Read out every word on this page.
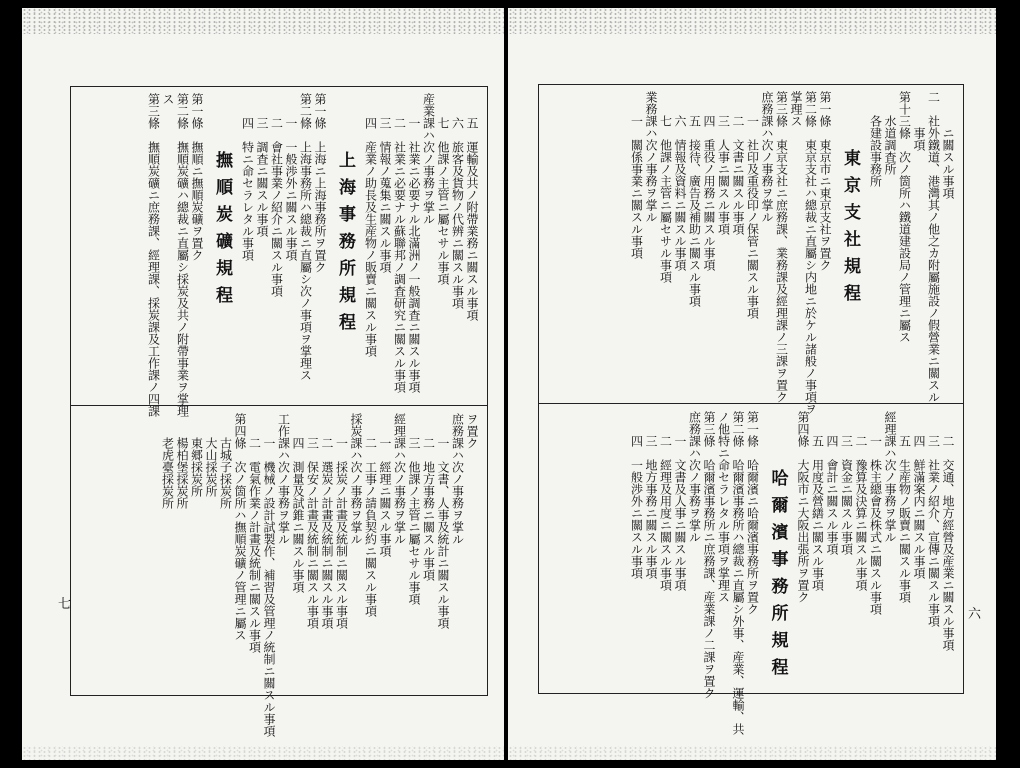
五　運輸及共ノ附帶業務ニ關スル事項
六　旅客及貨物ノ代辨ニ關スル事項
七　他課ノ主管ニ屬セサル事項
産業課ハ次ノ事務ヲ掌ル
一　社業ニ必要ナル北滿洲ノ一般調査ニ關スル事項
二　社業ニ必要ナル蘇聯邦ノ調査研究ニ關スル事項
三　情報ノ蒐集ニ關スル事項
四　産業ノ助長及生産物ノ販賣ニ關スル事項
上海事務所規程
第一條　上海ニ上海事務所ヲ置ク
第二條　上海事務所ハ總裁ニ直屬シ次ノ事項ヲ掌理ス
一　一般渉外ニ關スル事項
二　會社事業ノ紹介ニ關スル事項
三　調査ニ關スル事項
四　特ニ命セラレタル事項
撫順炭礦規程
第一條　撫順ニ撫順炭礦ヲ置ク
第二條　撫順炭礦ハ總裁ニ直屬シ採炭及共ノ附帶事業ヲ掌理
ス
第三條　撫順炭礦ニ庶務課、經理課、採炭課及工作課ノ四課
ヲ置ク
庶務課ハ次ノ事務ヲ掌ル
一　文書、人事及統計ニ關スル事項
二　地方事務ニ關スル事項
三　他課ノ主管ニ屬セサル事項
經理課ハ次ノ事務ヲ掌ル
一　經理ニ關スル事項
二　工事ノ請負契約ニ關スル事項
採炭課ハ次ノ事務ヲ掌ル
一　採炭ノ計畫及統制ニ關スル事項
二　選炭ノ計畫及統制ニ關スル事項
三　保安ノ計畫及統制ニ關スル事項
四　測量及試錐ニ關スル事項
工作課ハ次ノ事務ヲ掌ル
一　機械ノ設計試製作、補習及管理ノ統制ニ關スル事項
二　電氣作業ノ計畫及統制ニ關スル事項
第四條　次ノ箇所ハ撫順炭礦ノ管理ニ屬ス
古城子採炭所
大山採炭所
東郷採炭所
楊柏堡採炭所
老虎臺採炭所
七
ニ關スル事項
二　社外鐵道、港灣其ノ他之カ附屬施設ノ假營業ニ關スル
事項
第十三條　次ノ箇所ハ鐵道建設局ノ管理ニ屬ス
水道調査所
各建設事務所
東京支社規程
第一條　東京市ニ東京支社ヲ置ク
第二條　東京支社ハ總裁ニ直屬シ内地ニ於ケル諸般ノ事項ヲ
掌理ス
第三條　東京支社ニ庶務課、業務課及經理課ノ三課ヲ置ク
庶務課ハ次ノ事務ヲ掌ル
一　社印及重役印ノ保管ニ關スル事項
二　文書ニ關スル事項
三　人事ニ關スル事項
四　重役ノ用務ニ關スル事項
五　接待、廣告及補助ニ關スル事項
六　情報及資料ニ關スル事項
七　他課ノ主管ニ屬セサル事項
業務課ハ次ノ事務ヲ掌ル
一　關係事業ニ關スル事項
二　交通、地方經營及産業ニ關スル事項
三　社業ノ紹介、宣傳ニ關スル事項
四　鮮滿案内ニ關スル事項
五　生産物ノ販賣ニ關スル事項
經理課ハ次ノ事務ヲ掌ル
一　株主總會及株式ニ關スル事項
二　豫算及決算ニ關スル事項
三　資金ニ關スル事項
四　會計ニ關スル事項
五　用度及營繕ニ關スル事項
第四條　大阪市ニ大阪出張所ヲ置ク
哈爾濱事務所規程
第一條　哈爾濱ニ哈爾濱事務所ヲ置ク
第二條　哈爾濱事務所ハ總裁ニ直屬シ外事、産業、運輸、共
ノ他特ニ命セラレタル事項ヲ掌理ス
第三條　哈爾濱事務所ニ庶務課、産業課ノ二課ヲ置ク
庶務課ハ次ノ事務ヲ掌ル
一　文書及人事ニ關スル事項
二　經理及用度ニ關スル事項
三　地方事務ニ關スル事項
四　一般渉外ニ關スル事項
六
